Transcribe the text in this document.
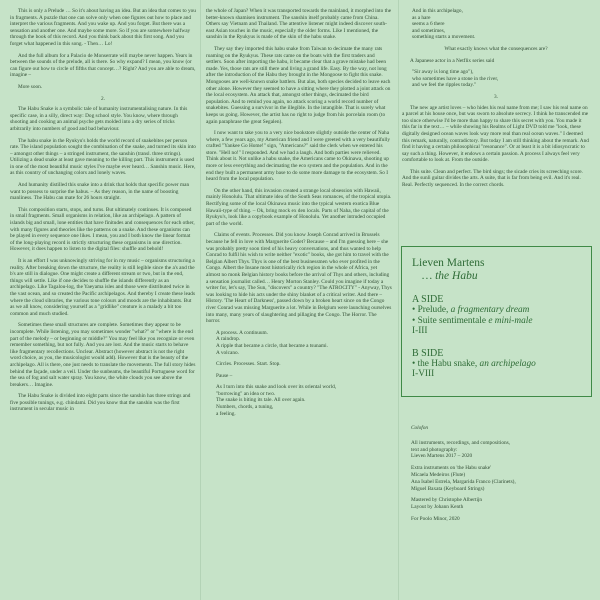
This is only a Prelude … So it's about having an idea. But an idea that comes to you in fragments. A puzzle that one can solve only when one figures out how to place and interpret the various fragments. And you wake up. And you forget. But there was a sensation and another one. And maybe some more. So if you are somewhere halfway through the book of this record. And you think back about this first song. And you forget what happened in this song. - Then… Lo!

And the full album for a Palacio de Monserrate will maybe never happen. Years in between the sounds of the prelude, all is there. So why expand? I mean, you know (or can figure out how to circle of fifths that concept…? Right? And you are able to dream, imagine –

More soon.

2.

The Habu Snake is a symbolic tale of humanity instrumentalising nature. In this specific case, in a silly, direct way: Dog school style. You know, where through shooting and cooking an animal psyche gets molded into a dry series of tricks arbitrarily into numbers of good and bad behaviour.

The habu snake in the Ryukyu's holds the world record of snakebites per person rate. The island population sought the combination of the snake, and turned its skin into – amongst other things – a stringed instrument, the sanshin (transl. three strings). Utilizing a dead snake at least gave meaning to the killing part. This instrument is used in one of the most beautiful music styles I've maybe ever heard… Sanshin music. Here, as this country of unchanging colors and lonely waves.

And humanity distilled this snake into a drink that holds that specific power man want to possess to surprise the habus. – As they reason, in the name of boosting manliness. The Habu can mate for 26 hours straight.

This composition starts, stops, and turns. But ultimately continues. It is composed in small fragments. Small organisms in relation, like an archipelago. A pattern of islands big and small, lone entities that have finitudes and consequences for each other, with many figures and theories like the patterns on a snake. And these organisms can be played in every sequence one likes. I mean, you and I both know the linear format of the long-playing record is strictly structuring these organisms in one direction. However, it does happen to listen to the digital files: shuffle and behold!

It is an effort I was unknowingly striving for in my music – organisms structuring a reality. After breaking down the structure, the reality is still legible since the a's and the b's are still in dialogue. One might create a different stream or two, but in the end, things will settle. Like if one decides to shuffle the islands differently as an archipelago. Like Tagalou-log, the Yaeyama isles and those were distributed twice in the vast ocean, and so created the Pacific archipelagos. And thereby I create these leads where the cloud sibraries, the various tone colours and moods are the inhabitants. But as we all know, considering yourself as a "gridlike" creature is a malady a bit too common and much studied.

Sometimes these small structures are complete. Sometimes they appear to be incomplete. While listening, you may sometimes wonder "what?" or "where is the end part of the melody – or beginning or middle?" You may feel like you recognize or even remember something, but not fully. And you are lost. And the music starts to behave like fragmentary recollections. Unclear. Abstract (however abstract is not the right word choice, as you, the musicologist would add). However that is the beauty of the archipelago. All is there, one just needs to translate the movements. The full story hides behind the façade, under a veil. Under the sunbeams, the beautiful Portuguese word for the sea of fog and salt water spray. You know, the white clouds you see above the breakers… Imagine.

The Habu Snake is divided into eight parts since the sanshin has three strings and five possible tunings, e.g. chindami. Did you know that the sanshin was the first instrument in secular music in

the whole of Japan? When it was transported towards the mainland, it morphed into the better-known shamisen instrument. The sanshin itself probably came from China. Others say Vietnam and Thailand. The attentive listener might indeed discover south-east Asian touches in the music, especially the older forms. Like I mentioned, the sanshin in the Ryukyus is made of the skin of the habu snake.

They say they imported this habu snake from Taiwan to decimate the many rats roaming on the Ryukyus. These rats came on the boats with the first traders and settlers. Soon after importing the habu, it became clear that a grave mistake had been made. Yes, those rats are still there and living a grand life. Easy. By the way, not long after the introduction of the Habu they brought in the Mongoose to fight this snake. Mongooses are well-known snake battlers. But alas, both species decided to leave each other alone. However they seemed to have a sitting where they plotted a joint attack on the local ecosystem. An attack that, amongst other things, decimated the bird population. And to remind you again, no attack scoring a world record number of snakebites. Guessing a survivor in the illegible. In the intangible. That is surely what keeps us going. However, the artist has no right to judge from his porcelain room (to again paraphrase the great Segalen).

I now want to take you to a very nice bookstore slightly outside the center of Naha where, a few years ago, my American friend and I were greeted with a very beautifully crafted "Yankee Go Home!" sign, "Americans?" said the clerk when we entered his store. "Hell no!" I responded. And we had a laugh. And both parties were relieved. Think about it. Not unlike a habu snake, the Americans came to Okinawa, shooting up more or less everything and decimating the eco system and the population. And in the end they built a permanent army base to do some more damage to the ecosystem. So I heard from the local population.

On the other hand, this invasion created a strange local obsession with Hawaii, mainly Honolulu. That ultimate idea of the South Seas romances, of the tropical utopia. Rectifying some of the local Okinawa music into the typical western exotica Blue Hawaii-type of thing. – Ok, bring mock ex den locals. Parts of Naha, the capital of the Ryukyu's, look like a copybook example of Honolulu. Yet another intruded occupied part of the world.

Claims of events. Processes. Did you know Joseph Conrad arrived in Brussels because he fell in love with Marguerite Godet? Because – and I'm guessing here – she was probably pretty soon tired of his heavy conversations, and thus wanted to help Conrad to fulfil his wish to write neither "exotic" books, she got him to travel with the Belgian Albert Thys. Thys is one of the best businessmen who ever profited in the Congo. Albert the Insane most historically rich region in the whole of Africa, yet almost no monk Belgian history books before the arrival of Thys and others, including a sensation journalist called… Henry Morton Stanley. Could you imagine if today a writer for, let's say, The Sun, "discovers" a country? "The ATROCITY" - Anyway, Thys was looking to hide his acts under the shiny blanket of a critical writer. And there – History. 'The Heart of Darkness', passed down by a broken heart since on the Congo river Conrad was missing Marguerite a lot. While in Belgium were launching ourselves into many, many years of slaughtering and pillaging the Congo. The Horror. The horror.

A process. A continuum.
A raindrop.
A ripple that became a circle, that became a tsunami.
A volcano.

Circles. Processes. Start. Stop.

Pause –

As I turn into this snake and look over its oriental world,
"borrowing" an idea or two.
The snake is biting its tale. All over again.
Numbers, chords, a tuning,
a feeling.

And in this archipelago,
as a hare
seems a 6 there
and sometimes,
something starts a movement.

What exactly knows what the consequences are?

A Japanese actor in a Netflix series said

"Sir away is long time ago"),
who sometimes have a stone in the river,
and we feel the ripples today."

3.

The new age artist loves – who hides his real name from me; I saw his real name on a parcel at his house once, but was sworn to absolute secrecy. I think he transcended me too since otherwise I'd be more than happy to share this secret with you. You made it this far in the text… – while showing his Realms of Light DVD told me "look, these digitally designed ocean waves look way more real than real ocean waves." I deemed this remark, naturally, contradictory. But today I am still thinking about the remark. And find it having a certain philosophical "resonance". Or at least it is a bit idiosyncratic to say such a thing. However, it endows a certain passion. A process I always feel very comfortable to look at. From the outside.

This suite. Clean and perfect. The bird sings; the sicade cries its screeching score. And the sunli guitar divides the arts. A suite, that is far from being evil. And it's real. Real. Perfectly sequenced. In the correct chords.

Lieven Martens
… the Habu
A SIDE
• Prelude, a fragmentary dream
• Suite sentimentale e mini-male
I-III
B SIDE
• the Habu snake, an archipelago
I-VIII

Colofon

All instruments, recordings, and compositions,
text and photography:
Lieven Martens 2017 – 2020

Extra instruments on 'the Habu snake'
Micaela Medeiros (Flute)
Ana Isabel Estrela, Margarida Franco (Clarinets),
Miguel Baxata (Keyboard Strings)

Mastered by Christophe Albertijn
Layout by Johann Kenth

For Poolo Minor, 2020
